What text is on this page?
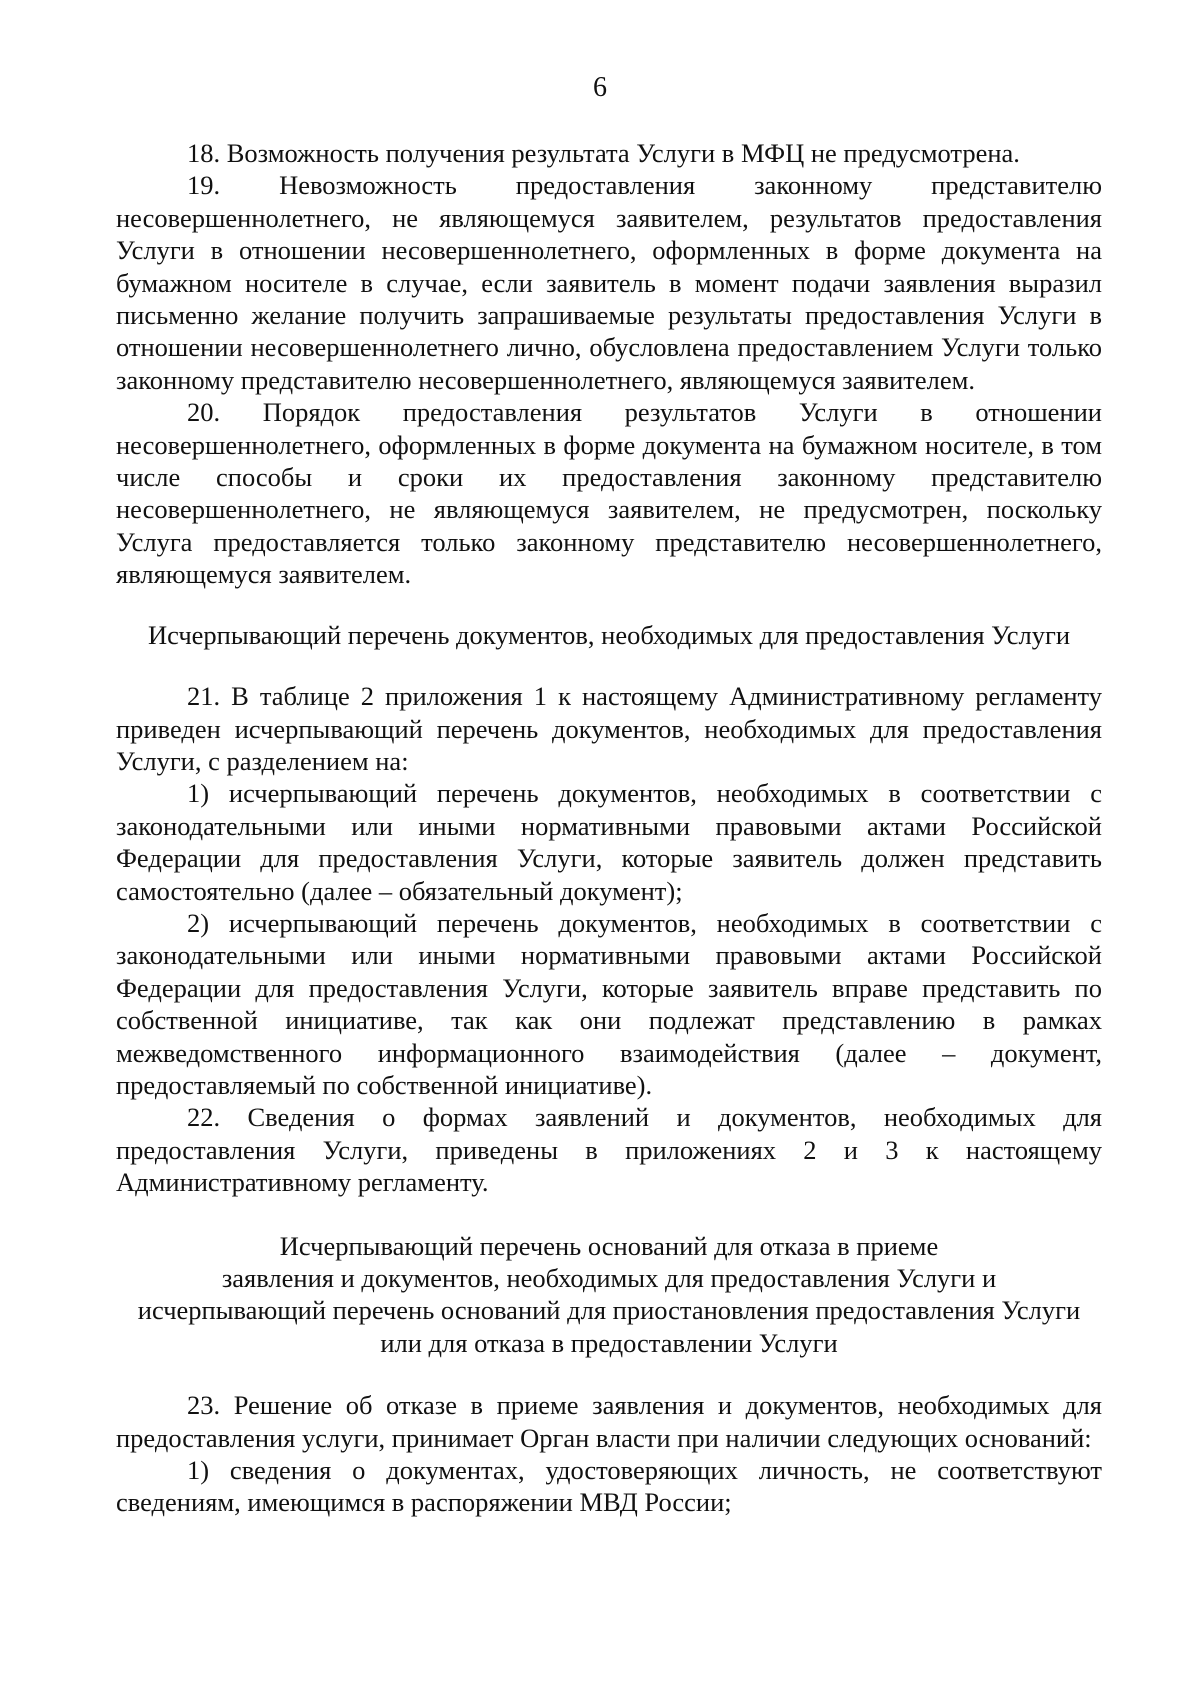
6

18. Возможность получения результата Услуги в МФЦ не предусмотрена.

19. Невозможность предоставления законному представителю несовершеннолетнего, не являющемуся заявителем, результатов предоставления Услуги в отношении несовершеннолетнего, оформленных в форме документа на бумажном носителе в случае, если заявитель в момент подачи заявления выразил письменно желание получить запрашиваемые результаты предоставления Услуги в отношении несовершеннолетнего лично, обусловлена предоставлением Услуги только законному представителю несовершеннолетнего, являющемуся заявителем.

20. Порядок предоставления результатов Услуги в отношении несовершеннолетнего, оформленных в форме документа на бумажном носителе, в том числе способы и сроки их предоставления законному представителю несовершеннолетнего, не являющемуся заявителем, не предусмотрен, поскольку Услуга предоставляется только законному представителю несовершеннолетнего, являющемуся заявителем.

Исчерпывающий перечень документов, необходимых для предоставления Услуги

21. В таблице 2 приложения 1 к настоящему Административному регламенту приведен исчерпывающий перечень документов, необходимых для предоставления Услуги, с разделением на:

1) исчерпывающий перечень документов, необходимых в соответствии с законодательными или иными нормативными правовыми актами Российской Федерации для предоставления Услуги, которые заявитель должен представить самостоятельно (далее – обязательный документ);

2) исчерпывающий перечень документов, необходимых в соответствии с законодательными или иными нормативными правовыми актами Российской Федерации для предоставления Услуги, которые заявитель вправе представить по собственной инициативе, так как они подлежат представлению в рамках межведомственного информационного взаимодействия (далее – документ, предоставляемый по собственной инициативе).

22. Сведения о формах заявлений и документов, необходимых для предоставления Услуги, приведены в приложениях 2 и 3 к настоящему Административному регламенту.

Исчерпывающий перечень оснований для отказа в приеме

заявления и документов, необходимых для предоставления Услуги и

исчерпывающий перечень оснований для приостановления предоставления Услуги

или для отказа в предоставлении Услуги

23. Решение об отказе в приеме заявления и документов, необходимых для предоставления услуги, принимает Орган власти при наличии следующих оснований:

1) сведения о документах, удостоверяющих личность, не соответствуют сведениям, имеющимся в распоряжении МВД России;
